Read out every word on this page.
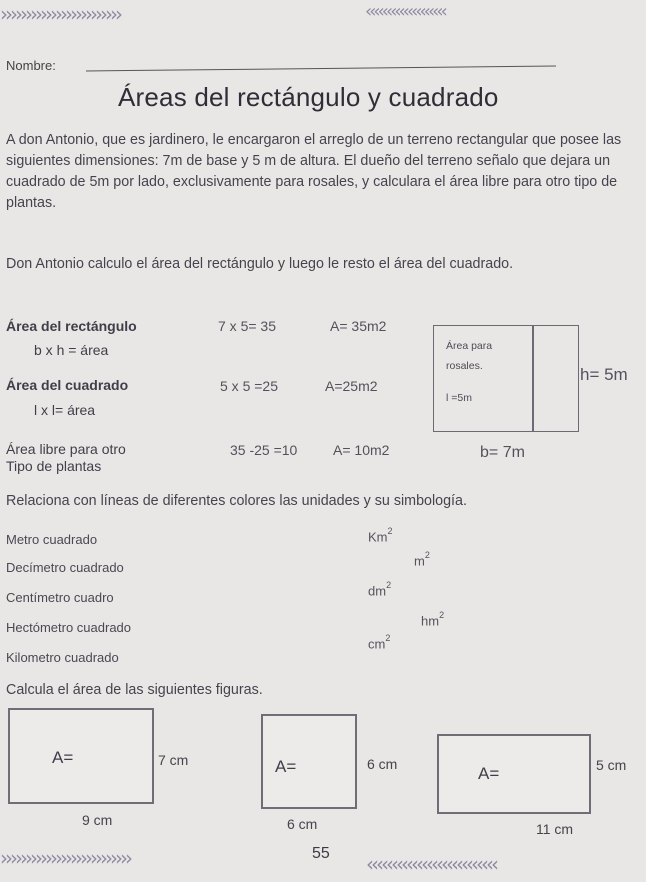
››››››››››››››››››››››››	‹‹‹‹‹‹‹‹‹‹‹‹‹‹‹‹‹‹‹
››››››››››››››››››››››››››	‹‹‹‹‹‹‹‹‹‹‹‹‹‹‹‹‹‹‹‹‹‹‹‹‹‹
Nombre:
Áreas del rectángulo y cuadrado
A don Antonio, que es jardinero, le encargaron el arreglo de un terreno rectangular que posee las siguientes dimensiones: 7m de base y 5 m de altura. El dueño del terreno señalo que dejara un cuadrado de 5m por lado, exclusivamente para rosales, y calculara el área libre para otro tipo de plantas.
Don Antonio calculo el área del rectángulo y luego le resto el área del cuadrado.
Área del rectángulo	7 x 5= 35	A= 35m2
b x h = área
Área del cuadrado	5 x 5 =25	A=25m2
l x l= área
Área libre para otro
Tipo de plantas
35 -25 =10	A= 10m2
Área para
rosales.
l =5m
h= 5m
b= 7m
Relaciona con líneas de diferentes colores las unidades y su simbología.
Metro cuadrado
Decímetro cuadrado
Centímetro cuadro
Hectómetro cuadrado
Kilometro cuadrado
Km$^2$
$m^2$
$dm^2$
$hm^2$
$cm^2$
Calcula el área de las siguientes figuras.
A=	7 cm
9 cm
A=	6 cm
6 cm
A=	5 cm
11 cm
55
